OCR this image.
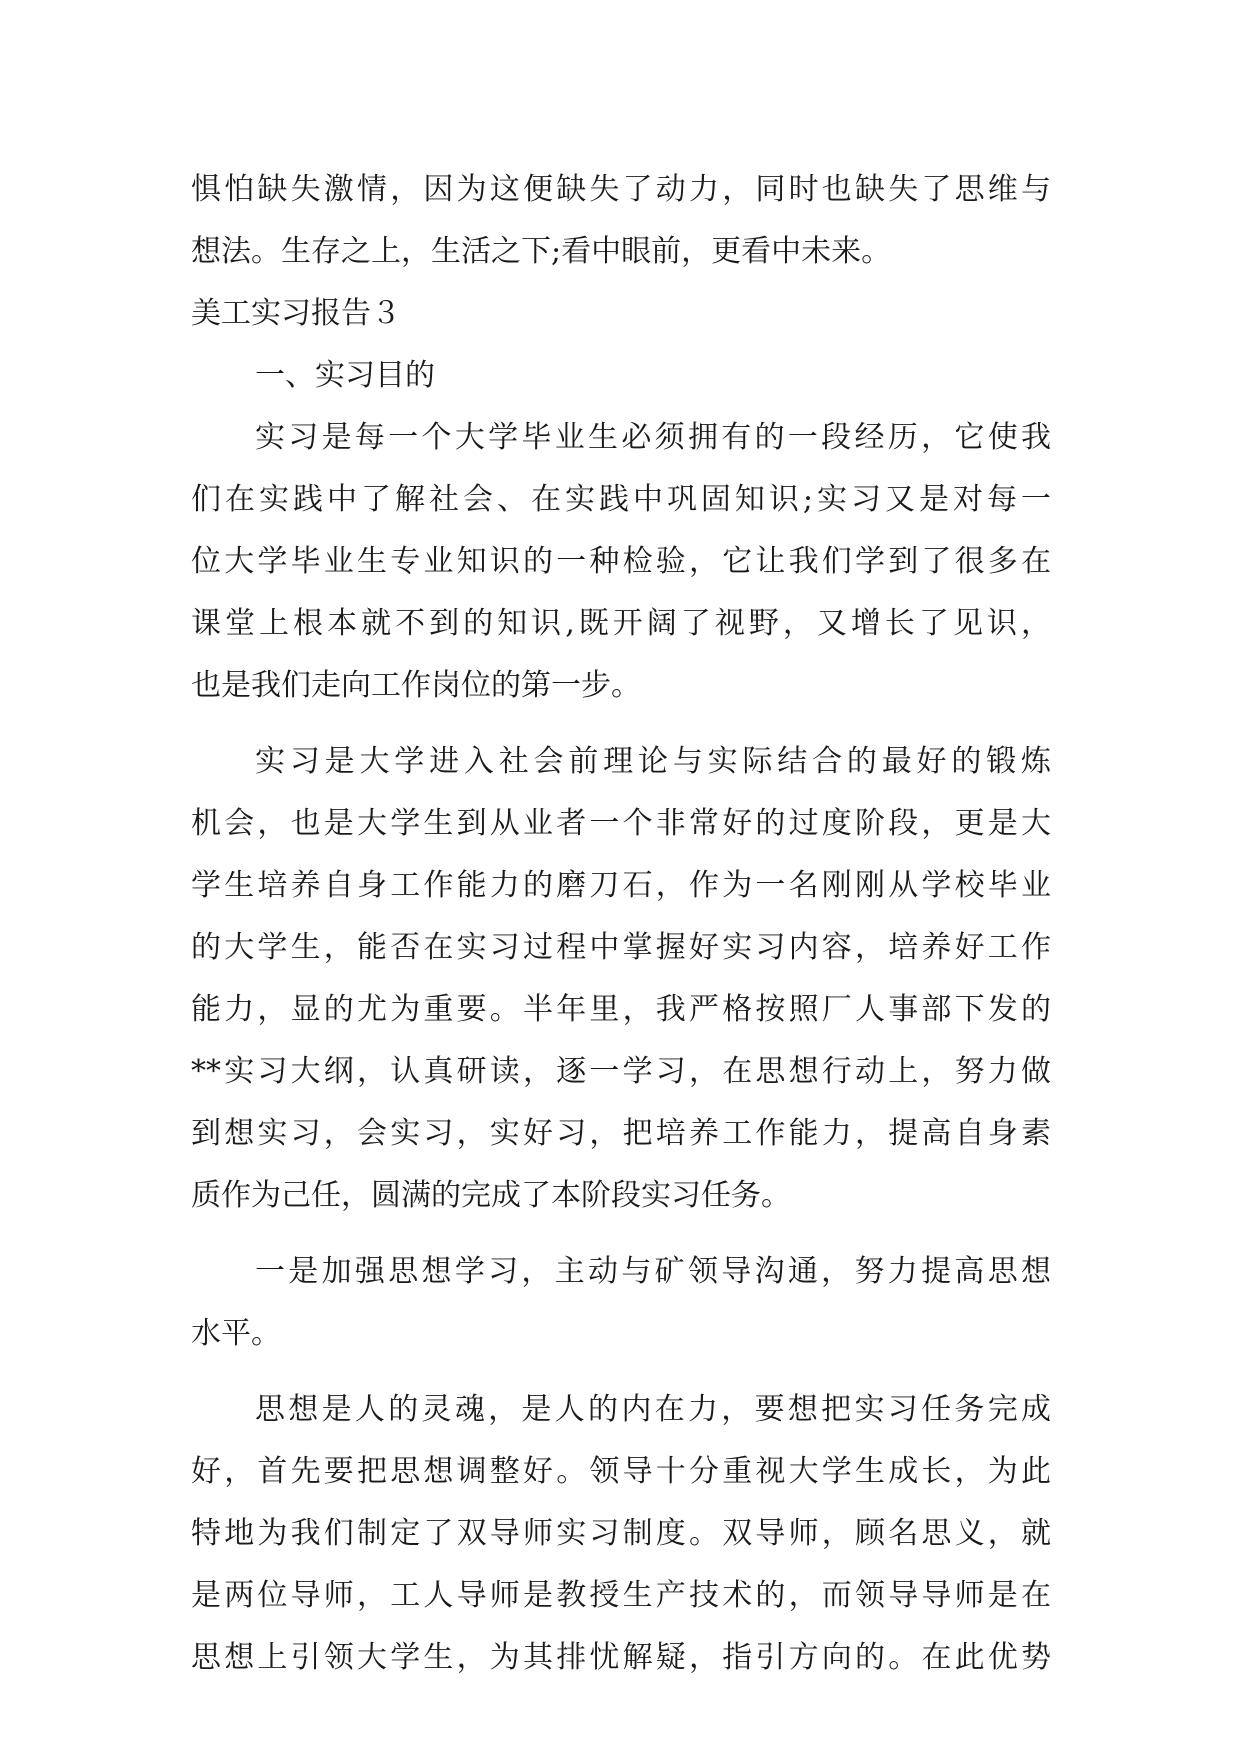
惧怕缺失激情，因为这便缺失了动力，同时也缺失了思维与
想法。生存之上，生活之下;看中眼前，更看中未来。
美工实习报告３
一、实习目的
实习是每一个大学毕业生必须拥有的一段经历，它使我
们在实践中了解社会、在实践中巩固知识;实习又是对每一
位大学毕业生专业知识的一种检验，它让我们学到了很多在
课堂上根本就不到的知识,既开阔了视野，又增长了见识，
也是我们走向工作岗位的第一步。
实习是大学进入社会前理论与实际结合的最好的锻炼
机会，也是大学生到从业者一个非常好的过度阶段，更是大
学生培养自身工作能力的磨刀石，作为一名刚刚从学校毕业
的大学生，能否在实习过程中掌握好实习内容，培养好工作
能力，显的尤为重要。半年里，我严格按照厂人事部下发的
**实习大纲，认真研读，逐一学习，在思想行动上，努力做
到想实习，会实习，实好习，把培养工作能力，提高自身素
质作为己任，圆满的完成了本阶段实习任务。
一是加强思想学习，主动与矿领导沟通，努力提高思想
水平。
思想是人的灵魂，是人的内在力，要想把实习任务完成
好，首先要把思想调整好。领导十分重视大学生成长，为此
特地为我们制定了双导师实习制度。双导师，顾名思义，就
是两位导师，工人导师是教授生产技术的，而领导导师是在
思想上引领大学生，为其排忧解疑，指引方向的。在此优势
